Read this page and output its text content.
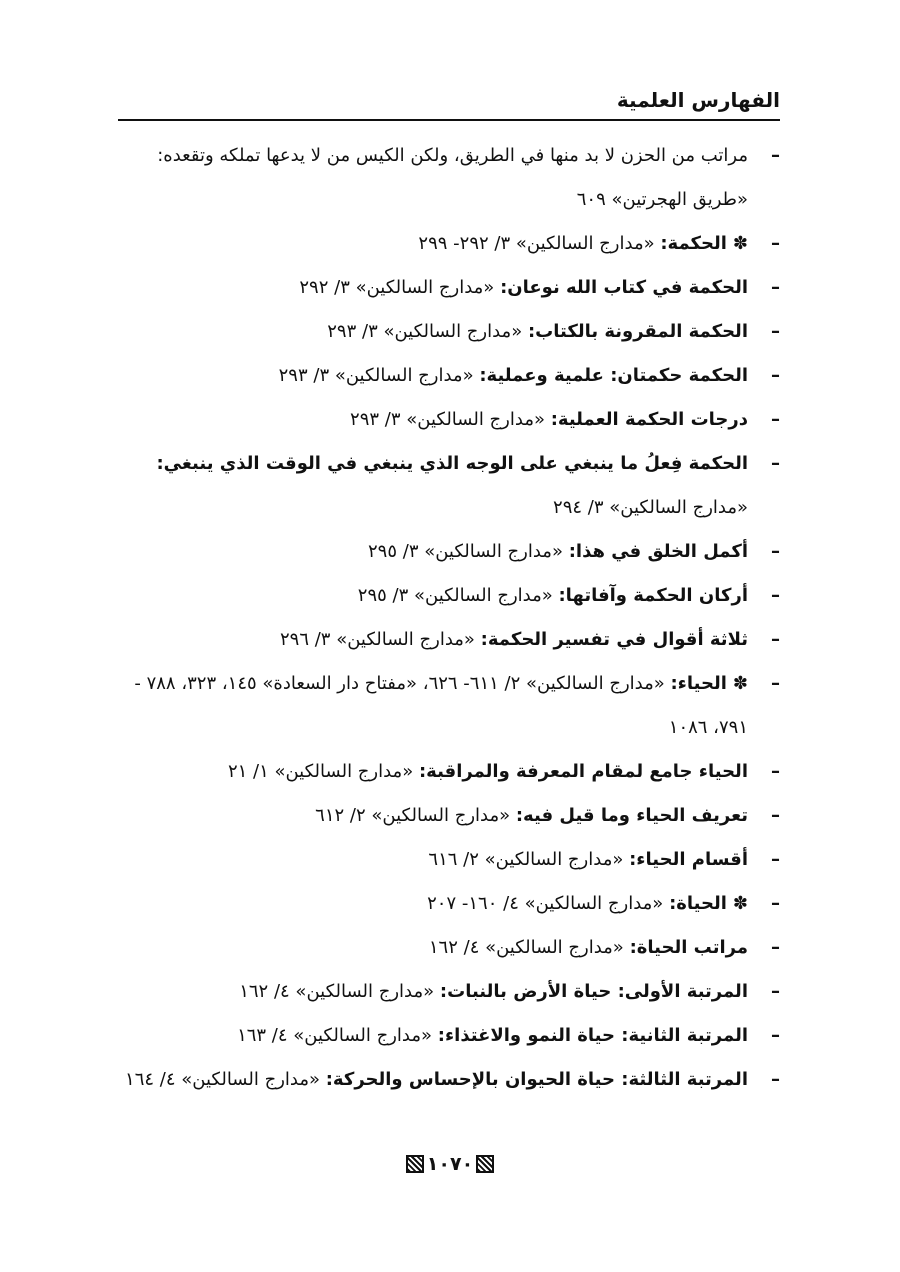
الفهارس العلمية
–
مراتب من الحزن لا بد منها في الطريق، ولكن الكيس من لا يدعها تملكه وتقعده: «طريق الهجرتين» ٦٠٩
–
✽الحكمة: «مدارج السالكين» ٣/ ٢٩٢- ٢٩٩
–
الحكمة في كتاب الله نوعان: «مدارج السالكين» ٣/ ٢٩٢
–
الحكمة المقرونة بالكتاب: «مدارج السالكين» ٣/ ٢٩٣
–
الحكمة حكمتان: علمية وعملية: «مدارج السالكين» ٣/ ٢٩٣
–
درجات الحكمة العملية: «مدارج السالكين» ٣/ ٢٩٣
–
الحكمة فِعلُ ما ينبغي على الوجه الذي ينبغي في الوقت الذي ينبغي: «مدارج السالكين» ٣/ ٢٩٤
–
أكمل الخلق في هذا: «مدارج السالكين» ٣/ ٢٩٥
–
أركان الحكمة وآفاتها: «مدارج السالكين» ٣/ ٢٩٥
–
ثلاثة أقوال في تفسير الحكمة: «مدارج السالكين» ٣/ ٢٩٦
–
✽الحياء: «مدارج السالكين» ٢/ ٦١١- ٦٢٦، «مفتاح دار السعادة» ١٤٥، ٣٢٣، ٧٨٨ - ٧٩١، ١٠٨٦
–
الحياء جامع لمقام المعرفة والمراقبة: «مدارج السالكين» ١/ ٢١
–
تعريف الحياء وما قيل فيه: «مدارج السالكين» ٢/ ٦١٢
–
أقسام الحياء: «مدارج السالكين» ٢/ ٦١٦
–
✽الحياة: «مدارج السالكين» ٤/ ١٦٠- ٢٠٧
–
مراتب الحياة: «مدارج السالكين» ٤/ ١٦٢
–
المرتبة الأولى: حياة الأرض بالنبات: «مدارج السالكين» ٤/ ١٦٢
–
المرتبة الثانية: حياة النمو والاغتذاء: «مدارج السالكين» ٤/ ١٦٣
–
المرتبة الثالثة: حياة الحيوان بالإحساس والحركة: «مدارج السالكين» ٤/ ١٦٤
١٠٧٠
